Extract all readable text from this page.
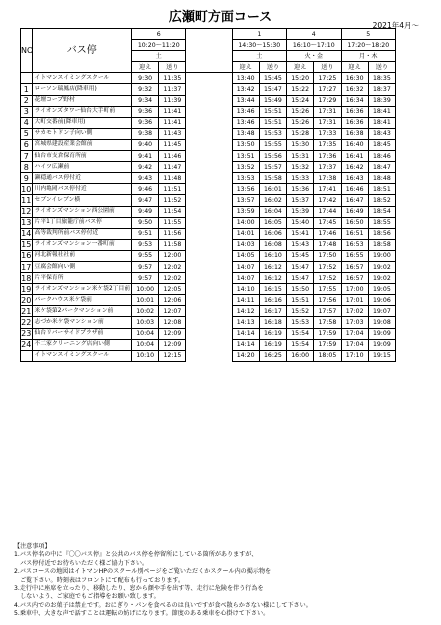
広瀬町方面コース
2021年4月～
NO	バス停	6			1		4		5	
		10:20～11:20			14:30～15:30		16:10～17:10		17:20～18:20	
		土			土		火・金		月・木	
		迎え	送り		迎え	送り	迎え	送り	迎え	送り
	イトマンスイミングスクール	9:30	11:35		13:40	15:45	15:20	17:25	16:30	18:35
1	ローソン瑞鳳店(降車用)	9:32	11:37		13:42	15:47	15:22	17:27	16:32	18:37
2	花壇コープ野村	9:34	11:39		13:44	15:49	15:24	17:29	16:34	18:39
3	ライオンズタワー仙台大手町前	9:36	11:41		13:46	15:51	15:26	17:31	16:36	18:41
4	大町交番前(降車用)	9:36	11:41		13:46	15:51	15:26	17:31	16:36	18:41
5	サカモトドン子向い側	9:38	11:43		13:48	15:53	15:28	17:33	16:38	18:43
6	宮城県建設産業会館前	9:40	11:45		13:50	15:55	15:30	17:35	16:40	18:45
7	仙台市支倉保育所前	9:41	11:46		13:51	15:56	15:31	17:36	16:41	18:46
8	ハイツ広瀬前	9:42	11:47		13:52	15:57	15:32	17:37	16:42	18:47
9	瀬穏通バス停付近	9:43	11:48		13:53	15:58	15:33	17:38	16:43	18:48
10	川内亀岡バス停付近	9:46	11:51		13:56	16:01	15:36	17:41	16:46	18:51
11	セブンイレブン横	9:47	11:52		13:57	16:02	15:37	17:42	16:47	18:52
12	ライオンズマンション西公園前	9:49	11:54		13:59	16:04	15:39	17:44	16:49	18:54
13	片平1丁目旅籠庁前バス停	9:50	11:55		14:00	16:05	15:40	17:45	16:50	18:55
14	高等裁判所前バス停付近	9:51	11:56		14:01	16:06	15:41	17:46	16:51	18:56
15	ライオンズマンション一番町前	9:53	11:58		14:03	16:08	15:43	17:48	16:53	18:58
16	河北新報社社前	9:55	12:00		14:05	16:10	15:45	17:50	16:55	19:00
17	豆腐会館向い側	9:57	12:02		14:07	16:12	15:47	17:52	16:57	19:02
18	片平保育所	9:57	12:02		14:07	16:12	15:47	17:52	16:57	19:02
19	ライオンズマンション米ケ袋2丁目前	10:00	12:05		14:10	16:15	15:50	17:55	17:00	19:05
20	パークハウス米ケ袋前	10:01	12:06		14:11	16:16	15:51	17:56	17:01	19:06
21	米ケ袋第2パークマンション前	10:02	12:07		14:12	16:17	15:52	17:57	17:02	19:07
22	志づか米ケ袋マンション前	10:03	12:08		14:13	16:18	15:53	17:58	17:03	19:08
23	仙台リバーサイドプラザ前	10:04	12:09		14:14	16:19	15:54	17:59	17:04	19:09
24	不二家クリーニング店向い側	10:04	12:09		14:14	16:19	15:54	17:59	17:04	19:09
	イトマンスイミングスクール	10:10	12:15		14:20	16:25	16:00	18:05	17:10	19:15
【注意事項】
1.バス停名の中に『〇〇バス停』と公共のバス停を停留所にしている箇所がありますが、
　バス停付近でお待ちいただく様ご協力下さい。
2.バスコースの地図はイトマンHPのスクール別ページをご覧いただくかスクール内の掲示物を
　ご覧下さい。時刻表はフロントにて配布も行っております。
3.走行中に座席を立ったり、移動したり、窓から顔や手を出す等、走行に危険を伴う行為を
　しないよう、ご家庭でもご指導をお願い致します。
4.バス内でのお菓子は禁止です。おにぎり・パンを食べるのは良いですが食べ散らかさない様にして下さい。
5.乗車中、大きな声で話すことは運転の妨げになります。節度のある乗車を心掛けて下さい。
